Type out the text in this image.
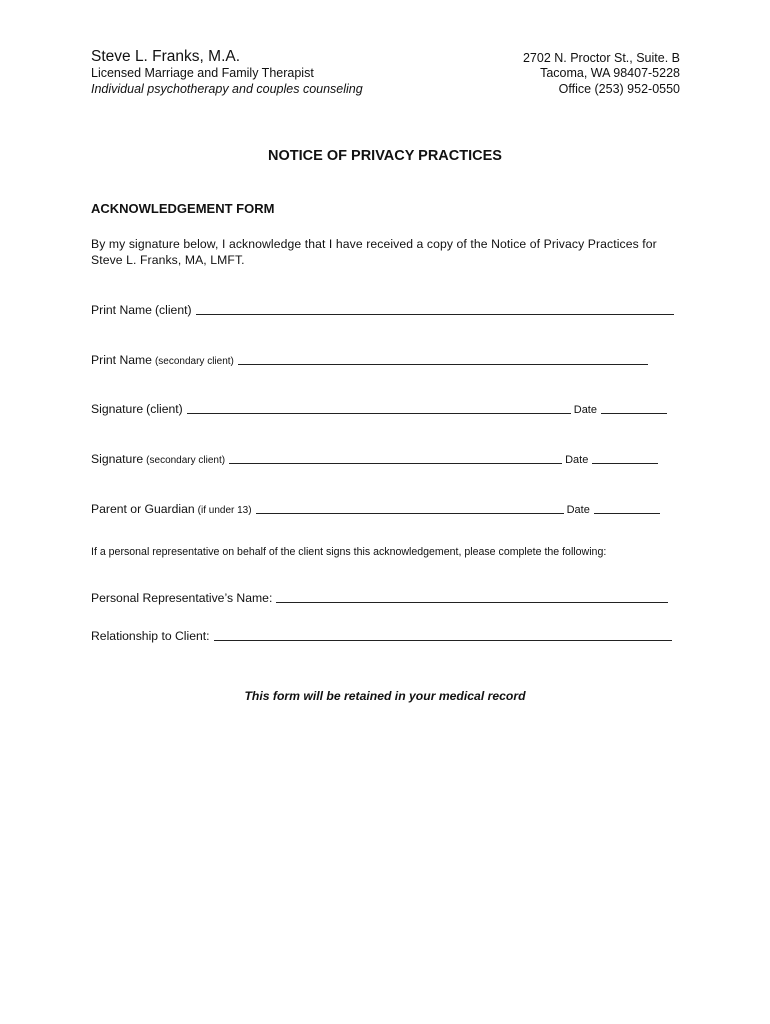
Steve L. Franks, M.A.
Licensed Marriage and Family Therapist
Individual psychotherapy and couples counseling
2702 N. Proctor St., Suite. B
Tacoma, WA 98407-5228
Office (253) 952-0550
NOTICE OF PRIVACY PRACTICES
ACKNOWLEDGEMENT FORM
By my signature below, I acknowledge that I have received a copy of the Notice of Privacy Practices for Steve L. Franks, MA, LMFT.
Print Name (client)
Print Name (secondary client)
Signature (client)	Date
Signature (secondary client)	Date
Parent or Guardian (if under 13)	Date
If a personal representative on behalf of the client signs this acknowledgement, please complete the following:
Personal Representative’s Name:
Relationship to Client:
This form will be retained in your medical record
